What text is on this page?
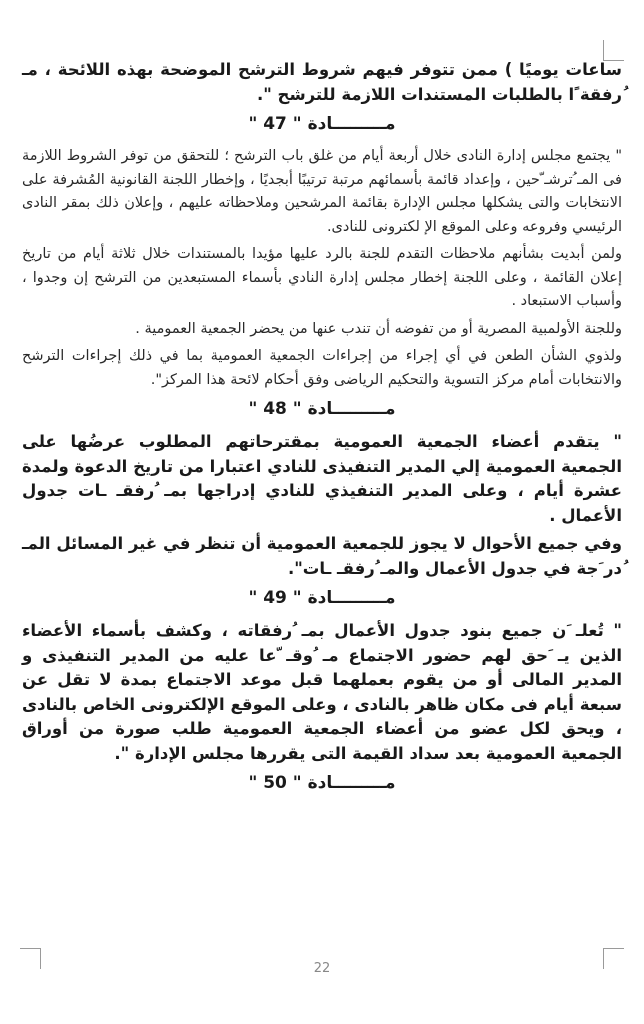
ساعات يوميًا ) ممن تتوفر فيهم شروط الترشح الموضحة بهذه اللائحة ، مـ ُرفقة ًا بالطلبات المستندات اللازمة للترشح ".

مـــــــــادة " 47 "

" يجتمع مجلس إدارة النادى خلال أربعة أيام من غلق باب الترشح ؛ للتحقق من توفر الشروط اللازمة فى المـ ُترشـ ّحين ، وإعداد قائمة بأسمائهم مرتبة ترتيبًا أبجديًا ، وإخطار اللجنة القانونية المُشرفة على الانتخابات والتى يشكلها مجلس الإدارة بقائمة المرشحين وملاحظاته عليهم ، وإعلان ذلك بمقر النادى الرئيسي وفروعه وعلى الموقع الإ لكترونى للنادى.

ولمن أبديت بشأنهم ملاحظات التقدم للجنة بالرد عليها مؤيدا بالمستندات خلال ثلاثة أيام من تاريخ إعلان القائمة ، وعلى اللجنة إخطار مجلس إدارة النادي بأسماء المستبعدين من الترشح إن وجدوا ، وأسباب الاستبعاد .

وللجنة الأولمبية المصرية أو من تفوضه أن تندب عنها من يحضر الجمعية العمومية .

ولذوي الشأن الطعن في أي إجراء من إجراءات الجمعية العمومية بما في ذلك إجراءات الترشح والانتخابات أمام مركز التسوية والتحكيم الرياضى وفق أحكام لائحة هذا المركز".

مـــــــــادة " 48 "

" يتقدم أعضاء الجمعية العمومية بمقترحاتهم المطلوب عرضُها على الجمعية العمومية إلي المدير التنفيذى للنادي اعتبارا من تاريخ الدعوة ولمدة عشرة أيام ، وعلى المدير التنفيذي للنادي إدراجها بمـ ُرفقـ ـات جدول الأعمال .

وفي جميع الأحوال لا يجوز للجمعية العمومية أن تنظر في غير المسائل المـ ُدر َجة في جدول الأعمال والمـ ُرفقـ ـات".

مـــــــــادة " 49 "

" تُعلـ َن جميع بنود جدول الأعمال بمـ ُرفقاته ، وكشف بأسماء الأعضاء الذين يـ َحق لهم حضور الاجتماع مـ ُوقـ ّعا عليه من المدير التنفيذى و المدير المالى أو من يقوم بعملهما قبل موعد الاجتماع بمدة لا تقل عن سبعة أيام فى مكان ظاهر بالنادى ، وعلى الموقع الإلكترونى الخاص بالنادى ، ويحق لكل عضو من أعضاء الجمعية العمومية طلب صورة من أوراق الجمعية العمومية بعد سداد القيمة التى يقررها مجلس الإدارة ".

مـــــــــادة " 50 "

22
